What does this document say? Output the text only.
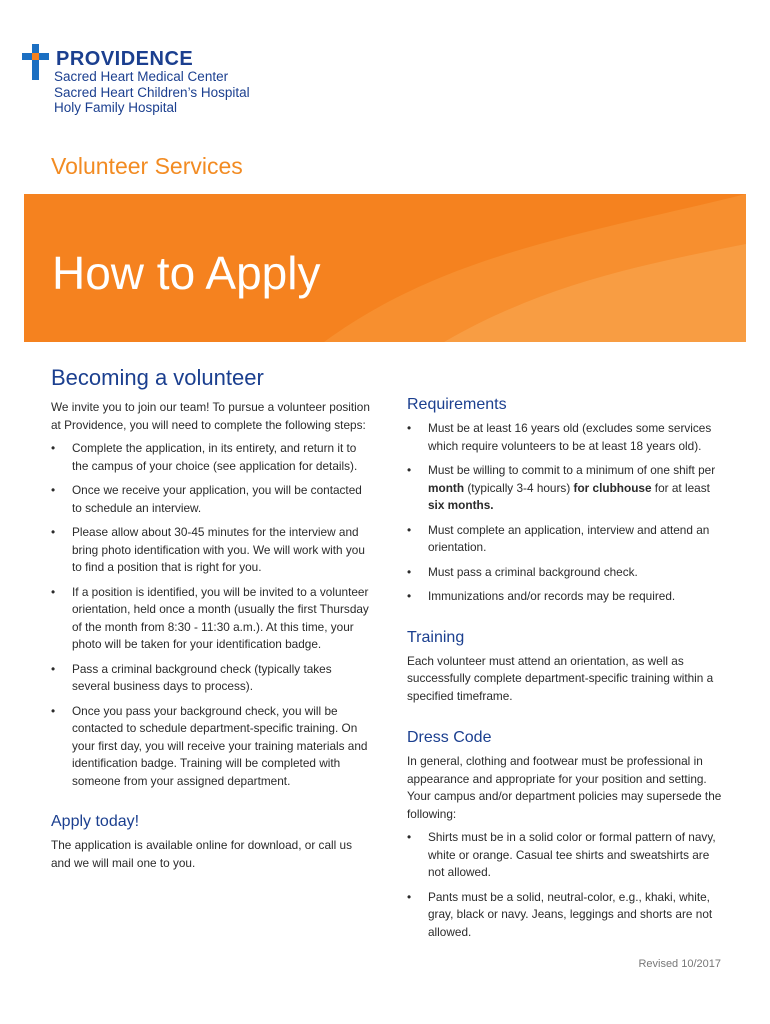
PROVIDENCE
Sacred Heart Medical Center
Sacred Heart Children’s Hospital
Holy Family Hospital
Volunteer Services
How to Apply
Becoming a volunteer

We invite you to join our team! To pursue a volunteer position at Providence, you will need to complete the following steps:

• Complete the application, in its entirety, and return it to the campus of your choice (see application for details).
• Once we receive your application, you will be contacted to schedule an interview.
• Please allow about 30-45 minutes for the interview and bring photo identification with you. We will work with you to find a position that is right for you.
• If a position is identified, you will be invited to a volunteer orientation, held once a month (usually the first Thursday of the month from 8:30 - 11:30 a.m.). At this time, your photo will be taken for your identification badge.
• Pass a criminal background check (typically takes several business days to process).
• Once you pass your background check, you will be contacted to schedule department-specific training. On your first day, you will receive your training materials and identification badge. Training will be completed with someone from your assigned department.
Apply today!

The application is available online for download, or call us and we will mail one to you.

Requirements
• Must be at least 16 years old (excludes some services which require volunteers to be at least 18 years old).
• Must be willing to commit to a minimum of one shift per month (typically 3-4 hours) for clubhouse for at least six months.
• Must complete an application, interview and attend an orientation.
• Must pass a criminal background check.
• Immunizations and/or records may be required.
Training

Each volunteer must attend an orientation, as well as successfully complete department-specific training within a specified timeframe.

Dress Code

In general, clothing and footwear must be professional in appearance and appropriate for your position and setting. Your campus and/or department policies may supersede the following:

• Shirts must be in a solid color or formal pattern of navy, white or orange. Casual tee shirts and sweatshirts are not allowed.
• Pants must be a solid, neutral-color, e.g., khaki, white, gray, black or navy. Jeans, leggings and shorts are not allowed.
Revised 10/2017
